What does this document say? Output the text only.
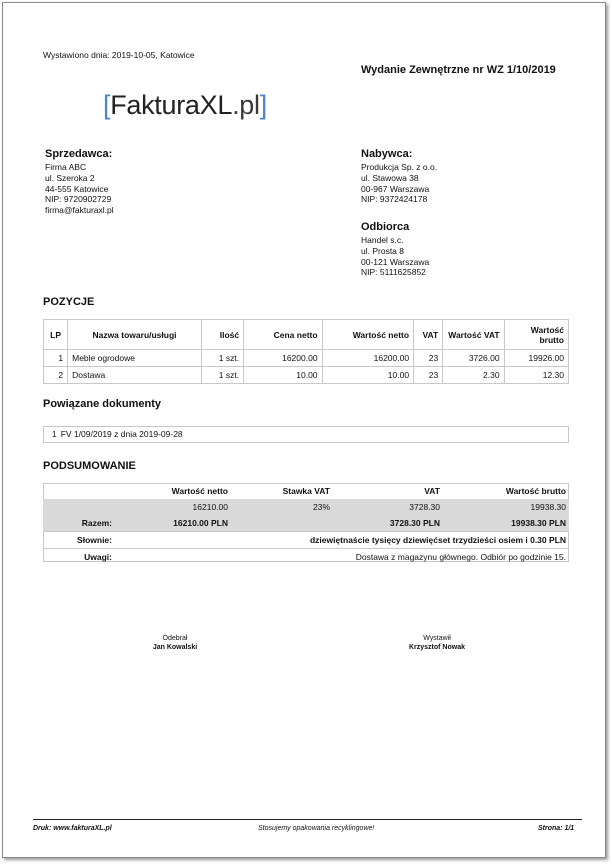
Wystawiono dnia: 2019-10-05, Katowice
Wydanie Zewnętrzne nr WZ 1/10/2019
[FakturaXL.pl]
Sprzedawca:
Firma ABC
ul. Szeroka 2
44-555 Katowice
NIP: 9720902729
firma@fakturaxl.pl
Nabywca:
Produkcja Sp. z o.o.
ul. Stawowa 38
00-967 Warszawa
NIP: 9372424178
Odbiorca
Handel s.c.
ul. Prosta 8
00-121 Warszawa
NIP: 5111625852
POZYCJE
LP	Nazwa towaru/usługi	Ilość	Cena netto	Wartość netto	VAT	Wartość VAT	Wartość brutto
1	Meble ogrodowe	1 szt.	16200.00	16200.00	23	3726.00	19926.00
2	Dostawa	1 szt.	10.00	10.00	23	2.30	12.30
Powiązane dokumenty
1 FV 1/09/2019 z dnia 2019-09-28
PODSUMOWANIE
	Wartość netto	Stawka VAT	VAT	Wartość brutto
	16210.00	23%	3728.30	19938.30
Razem:	16210.00 PLN		3728.30 PLN	19938.30 PLN
Słownie:	dziewiętnaście tysięcy dziewięćset trzydzieści osiem i 0.30 PLN			
Uwagi:	Dostawa z magazynu głównego. Odbiór po godzinie 15.			
Odebrał
Jan Kowalski
Wystawił
Krzysztof Nowak
Druk: www.fakturaXL.pl	Stosujemy opakowania recyklingowe!	Strona: 1/1
